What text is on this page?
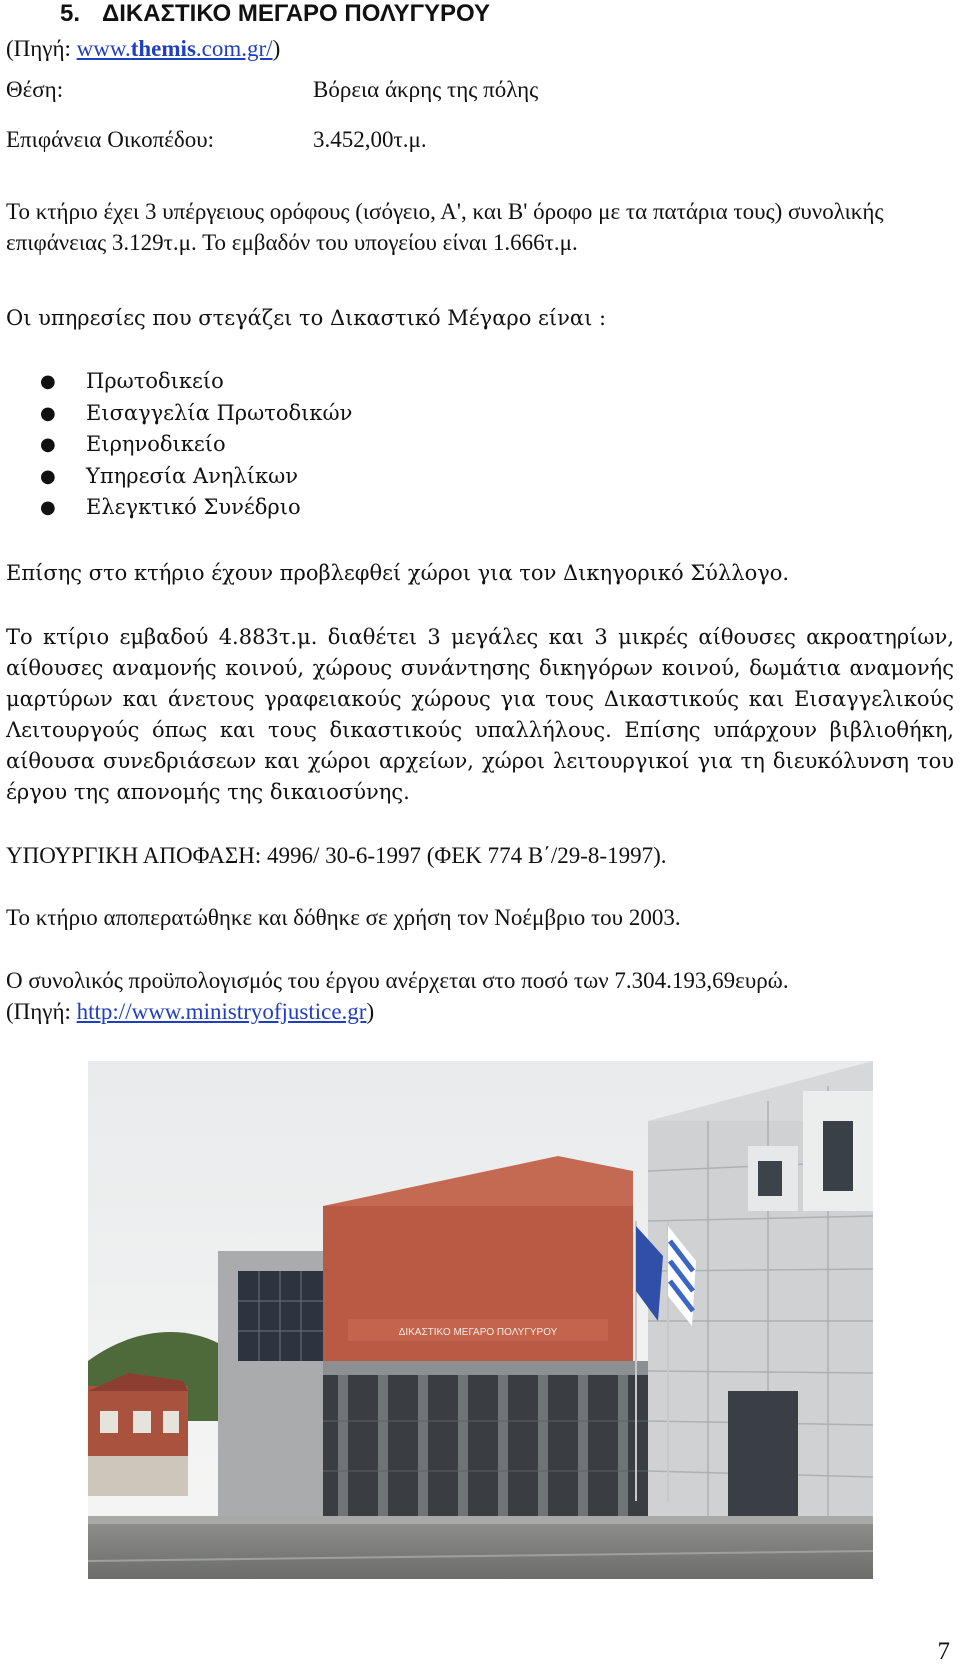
5. ΔΙΚΑΣΤΙΚΟ ΜΕΓΑΡΟ ΠΟΛΥΓΥΡΟΥ
(Πηγή: www.themis.com.gr/)
Θέση:	Βόρεια άκρης της πόλης
Επιφάνεια Οικοπέδου:	3.452,00τ.μ.
Το κτήριο έχει 3 υπέργειους ορόφους (ισόγειο, Α', και Β' όροφο με τα πατάρια τους) συνολικής επιφάνειας 3.129τ.μ. Το εμβαδόν του υπογείου είναι 1.666τ.μ.
Οι υπηρεσίες που στεγάζει το Δικαστικό Μέγαρο είναι :
● Πρωτοδικείο
● Εισαγγελία Πρωτοδικών
● Ειρηνοδικείο
● Υπηρεσία Ανηλίκων
● Ελεγκτικό Συνέδριο
Επίσης στο κτήριο έχουν προβλεφθεί χώροι για τον Δικηγορικό Σύλλογο.
Το κτίριο εμβαδού 4.883τ.μ. διαθέτει 3 μεγάλες και 3 μικρές αίθουσες ακροατηρίων, αίθουσες αναμονής κοινού, χώρους συνάντησης δικηγόρων κοινού, δωμάτια αναμονής μαρτύρων και άνετους γραφειακούς χώρους για τους Δικαστικούς και Εισαγγελικούς Λειτουργούς όπως και τους δικαστικούς υπαλλήλους. Επίσης υπάρχουν βιβλιοθήκη, αίθουσα συνεδριάσεων και χώροι αρχείων, χώροι λειτουργικοί για τη διευκόλυνση του έργου της απονομής της δικαιοσύνης.
ΥΠΟΥΡΓΙΚΗ ΑΠΟΦΑΣΗ: 4996/ 30-6-1997 (ΦΕΚ 774 Β΄/29-8-1997).
Το κτήριο αποπερατώθηκε και δόθηκε σε χρήση τον Νοέμβριο του 2003.
Ο συνολικός προϋπολογισμός του έργου ανέρχεται στο ποσό των 7.304.193,69ευρώ.
(Πηγή: http://www.ministryofjustice.gr)
ΔΙΚΑΣΤΙΚΟ ΜΕΓΑΡΟ ΠΟΛΥΓΥΡΟΥ
7
